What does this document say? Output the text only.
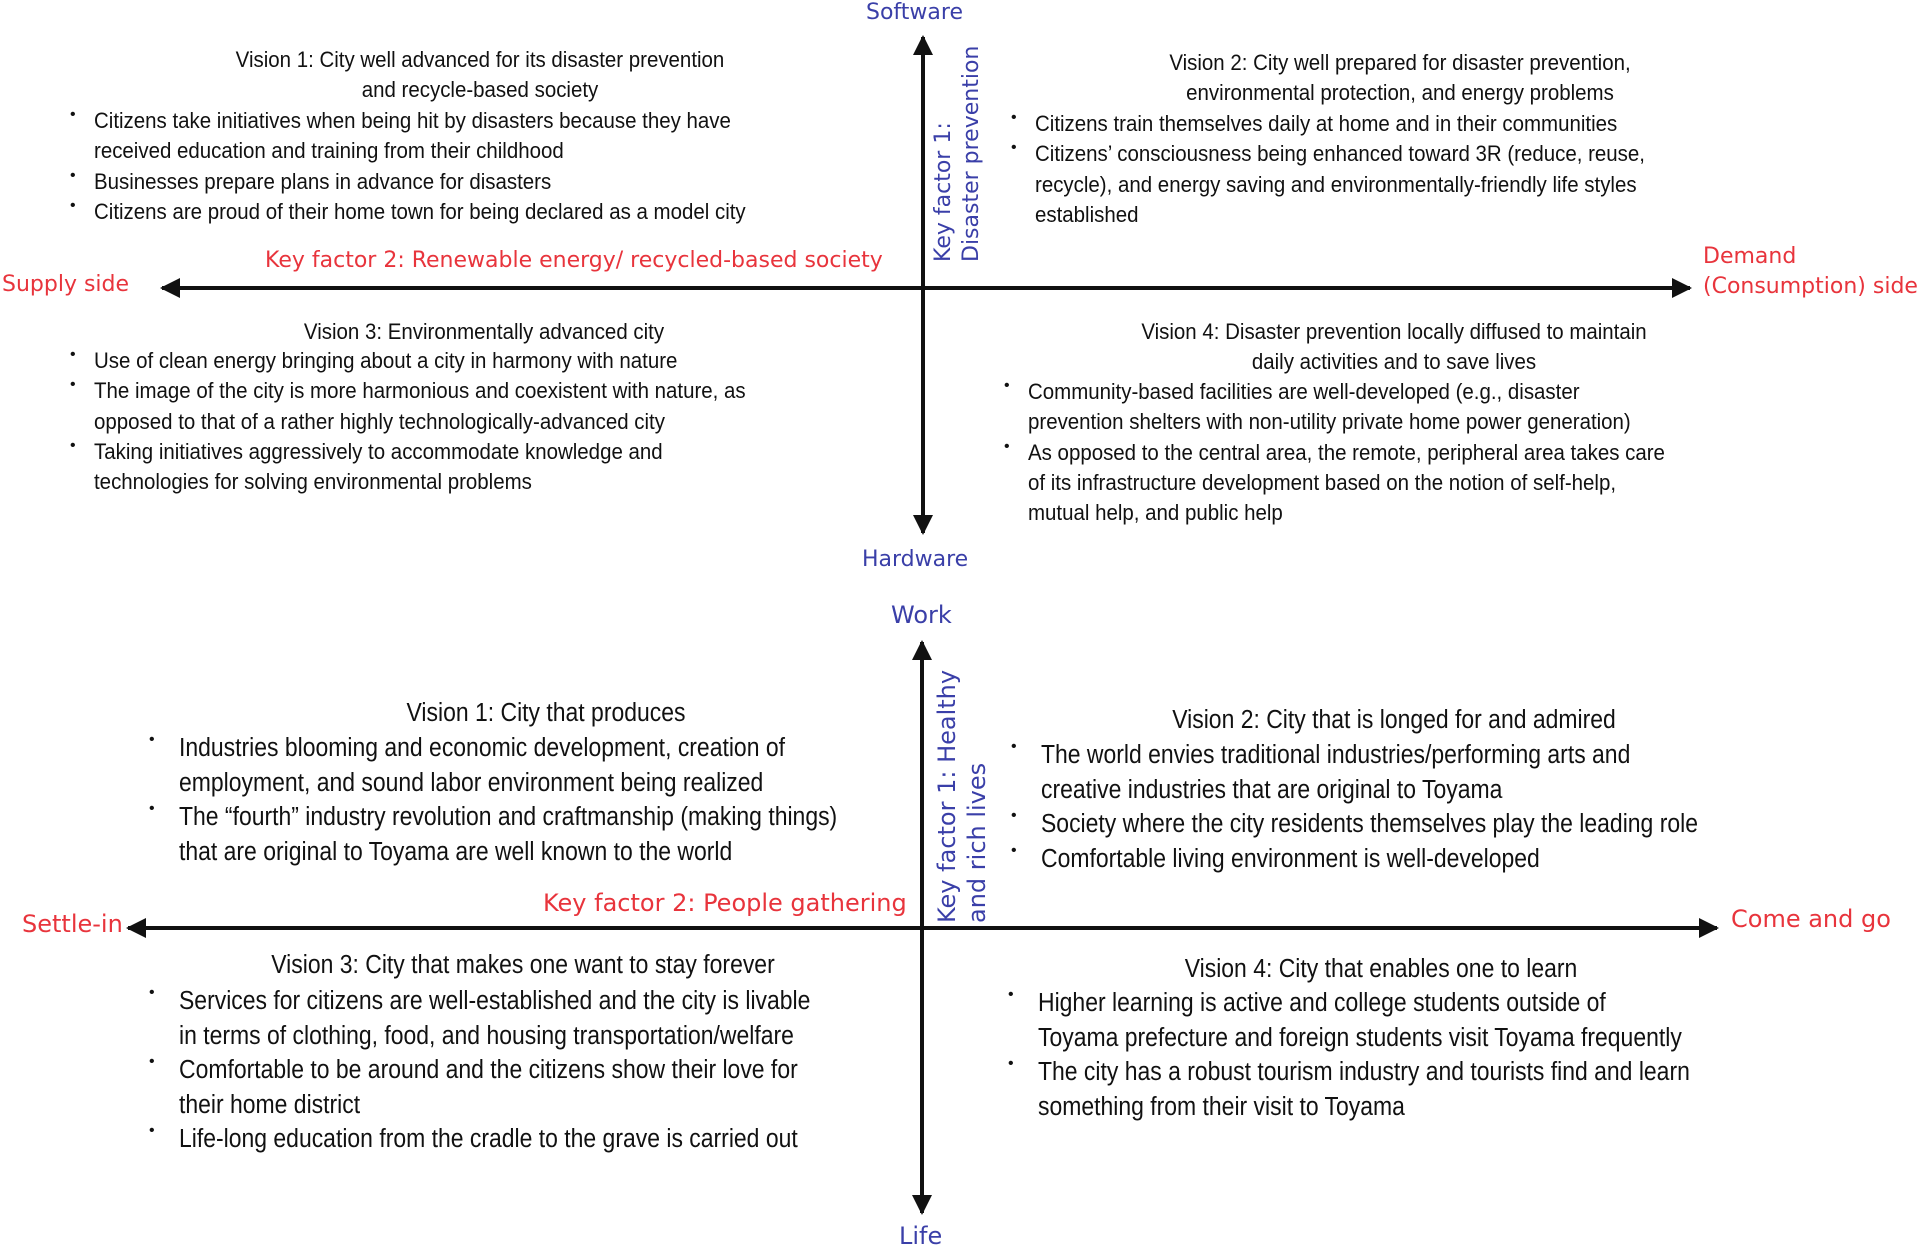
Software
Hardware
Supply side
Demand
(Consumption) side
Key factor 2: Renewable energy/ recycled-based society Key factor 1: Disaster prevention
Vision 1: City well advanced for its disaster prevention
and recycle-based society
• Citizens take initiatives when being hit by disasters because they have
received education and training from their childhood
• Businesses prepare plans in advance for disasters
• Citizens are proud of their home town for being declared as a model city
Vision 2: City well prepared for disaster prevention,
environmental protection, and energy problems
• Citizens train themselves daily at home and in their communities
• Citizens’ consciousness being enhanced toward 3R (reduce, reuse,
recycle), and energy saving and environmentally-friendly life styles
established
Vision 3: Environmentally advanced city
• Use of clean energy bringing about a city in harmony with nature
• The image of the city is more harmonious and coexistent with nature, as
opposed to that of a rather highly technologically-advanced city
• Taking initiatives aggressively to accommodate knowledge and
technologies for solving environmental problems
Vision 4: Disaster prevention locally diffused to maintain
daily activities and to save lives
• Community-based facilities are well-developed (e.g., disaster
prevention shelters with non-utility private home power generation)
• As opposed to the central area, the remote, peripheral area takes care
of its infrastructure development based on the notion of self-help,
mutual help, and public help
Work
Life
Settle-in	Come and go
Key factor 2: People gathering Key factor 1: Healthy and rich lives
Vision 1: City that produces
• Industries blooming and economic development, creation of
employment, and sound labor environment being realized
• The “fourth” industry revolution and craftmanship (making things)
that are original to Toyama are well known to the world
Vision 2: City that is longed for and admired
• The world envies traditional industries/performing arts and
creative industries that are original to Toyama
• Society where the city residents themselves play the leading role
• Comfortable living environment is well-developed
Vision 3: City that makes one want to stay forever
• Services for citizens are well-established and the city is livable
in terms of clothing, food, and housing transportation/welfare
• Comfortable to be around and the citizens show their love for
their home district
• Life-long education from the cradle to the grave is carried out
Vision 4: City that enables one to learn
• Higher learning is active and college students outside of
Toyama prefecture and foreign students visit Toyama frequently
• The city has a robust tourism industry and tourists find and learn
something from their visit to Toyama
